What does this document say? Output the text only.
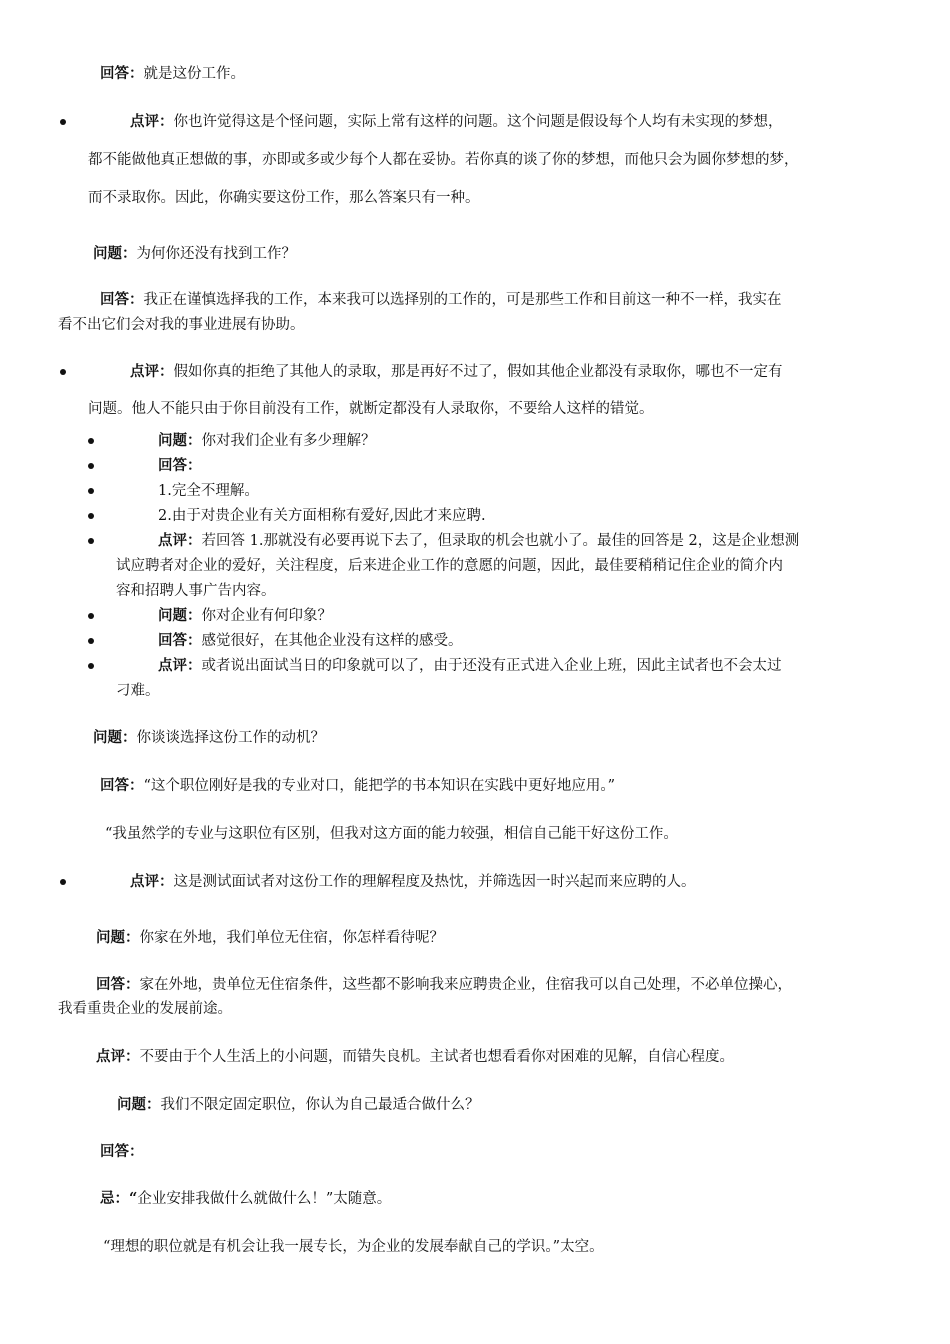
回答：就是这份工作。
点评：你也许觉得这是个怪问题，实际上常有这样的问题。这个问题是假设每个人均有未实现的梦想，
都不能做他真正想做的事，亦即或多或少每个人都在妥协。若你真的谈了你的梦想，而他只会为圆你梦想的梦，
而不录取你。因此，你确实要这份工作，那么答案只有一种。
问题：为何你还没有找到工作？
回答：我正在谨慎选择我的工作，本来我可以选择别的工作的，可是那些工作和目前这一种不一样，我实在
看不出它们会对我的事业进展有协助。
点评：假如你真的拒绝了其他人的录取，那是再好不过了，假如其他企业都没有录取你，哪也不一定有
问题。他人不能只由于你目前没有工作，就断定都没有人录取你，不要给人这样的错觉。
问题：你对我们企业有多少理解？
回答：
1.完全不理解。
2.由于对贵企业有关方面相称有爱好,因此才来应聘.
点评：若回答 1.那就没有必要再说下去了，但录取的机会也就小了。最佳的回答是 2，这是企业想测
试应聘者对企业的爱好，关注程度，后来进企业工作的意愿的问题，因此，最佳要稍稍记住企业的简介内
容和招聘人事广告内容。
问题：你对企业有何印象？
回答：感觉很好，在其他企业没有这样的感受。
点评：或者说出面试当日的印象就可以了，由于还没有正式进入企业上班，因此主试者也不会太过
刁难。
问题：你谈谈选择这份工作的动机？
回答：“这个职位刚好是我的专业对口，能把学的书本知识在实践中更好地应用。”
“我虽然学的专业与这职位有区别，但我对这方面的能力较强，相信自己能干好这份工作。
点评：这是测试面试者对这份工作的理解程度及热忱，并筛选因一时兴起而来应聘的人。
问题：你家在外地，我们单位无住宿，你怎样看待呢？
回答：家在外地，贵单位无住宿条件，这些都不影响我来应聘贵企业，住宿我可以自己处理，不必单位操心，
我看重贵企业的发展前途。
点评：不要由于个人生活上的小问题，而错失良机。主试者也想看看你对困难的见解，自信心程度。
问题：我们不限定固定职位，你认为自己最适合做什么？
回答：
忌：“企业安排我做什么就做什么！”太随意。
“理想的职位就是有机会让我一展专长，为企业的发展奉献自己的学识。”太空。
